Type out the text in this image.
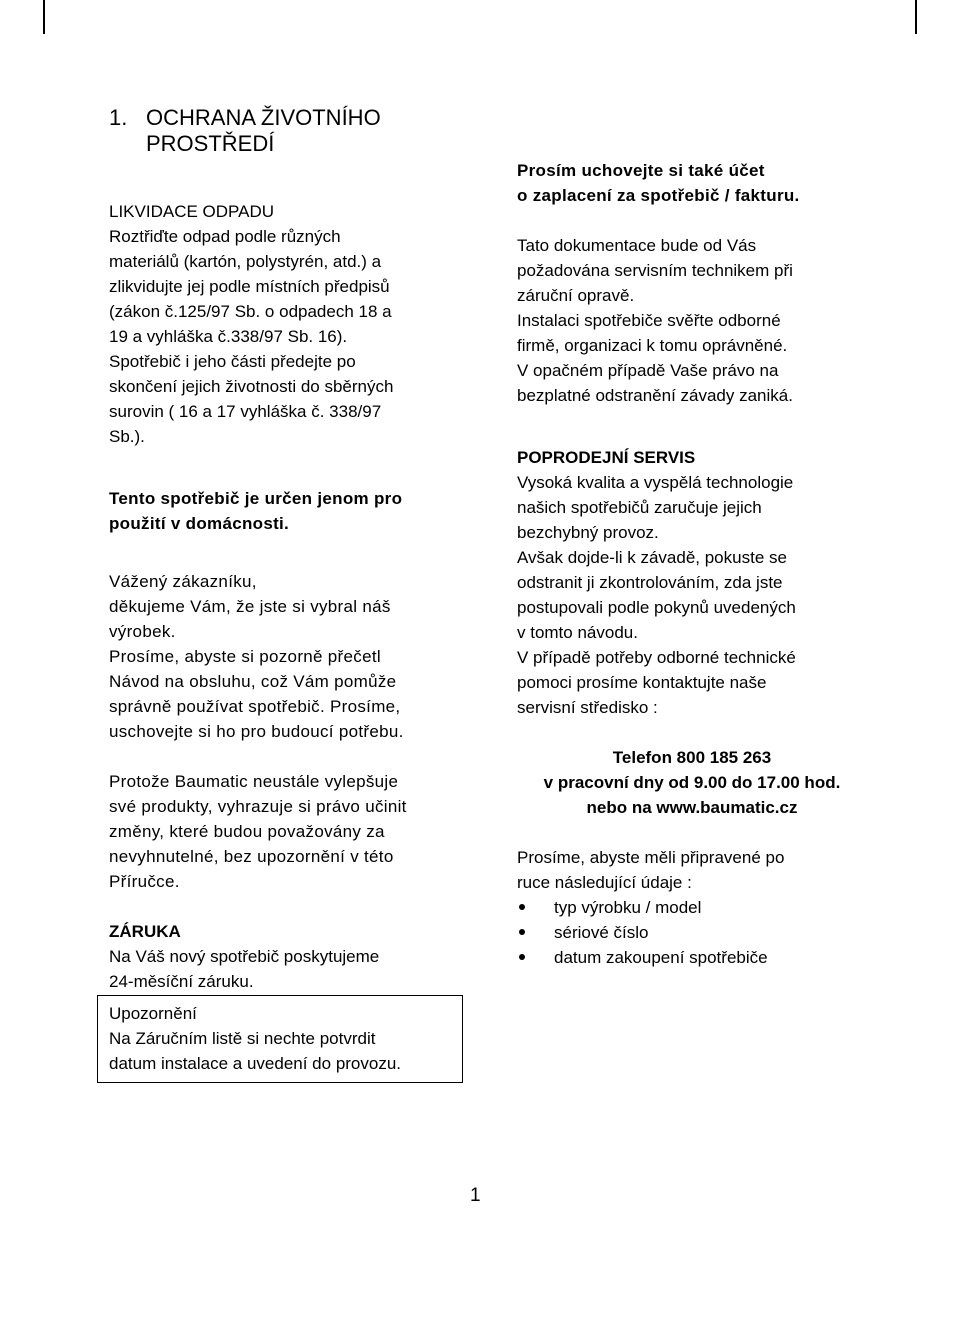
1. OCHRANA ŽIVOTNÍHO
PROSTŘEDÍ

LIKVIDACE ODPADU

Roztřiďte odpad podle různých

materiálů (kartón, polystyrén, atd.) a

zlikvidujte jej podle místních předpisů

(zákon č.125/97 Sb. o odpadech 18 a

19 a vyhláška č.338/97 Sb. 16).

Spotřebič i jeho části předejte po

skončení jejich životnosti do sběrných

surovin ( 16 a 17 vyhláška č. 338/97

Sb.).

Tento spotřebič je určen jenom pro

použití v domácnosti.

Vážený zákazníku,

děkujeme Vám, že jste si vybral náš

výrobek.

Prosíme, abyste si pozorně přečetl

Návod na obsluhu, což Vám pomůže

správně používat spotřebič. Prosíme,

uschovejte si ho pro budoucí potřebu.

Protože Baumatic neustále vylepšuje

své produkty, vyhrazuje si právo učinit

změny, které budou považovány za

nevyhnutelné, bez upozornění v této

Příručce.

ZÁRUKA

Na Váš nový spotřebič poskytujeme

24-měsíční záruku.

Prosím uchovejte si také účet

o zaplacení za spotřebič / fakturu.

Tato dokumentace bude od Vás

požadována servisním technikem při

záruční opravě.

Instalaci spotřebiče svěřte odborné

firmě, organizaci k tomu oprávněné.

V opačném případě Vaše právo na

bezplatné odstranění závady zaniká.

POPRODEJNÍ SERVIS

Vysoká kvalita a vyspělá technologie

našich spotřebičů zaručuje jejich

bezchybný provoz.

Avšak dojde-li k závadě, pokuste se

odstranit ji zkontrolováním, zda jste

postupovali podle pokynů uvedených

v tomto návodu.

V případě potřeby odborné technické

pomoci prosíme kontaktujte naše

servisní středisko :

Telefon 800 185 263

v pracovní dny od 9.00 do 17.00 hod.

nebo na www.baumatic.cz

Prosíme, abyste měli připravené po

ruce následující údaje :

typ výrobku / model
sériové číslo
datum zakoupení spotřebiče

Upozornění

Na Záručním listě si nechte potvrdit

datum instalace a uvedení do provozu.

1
